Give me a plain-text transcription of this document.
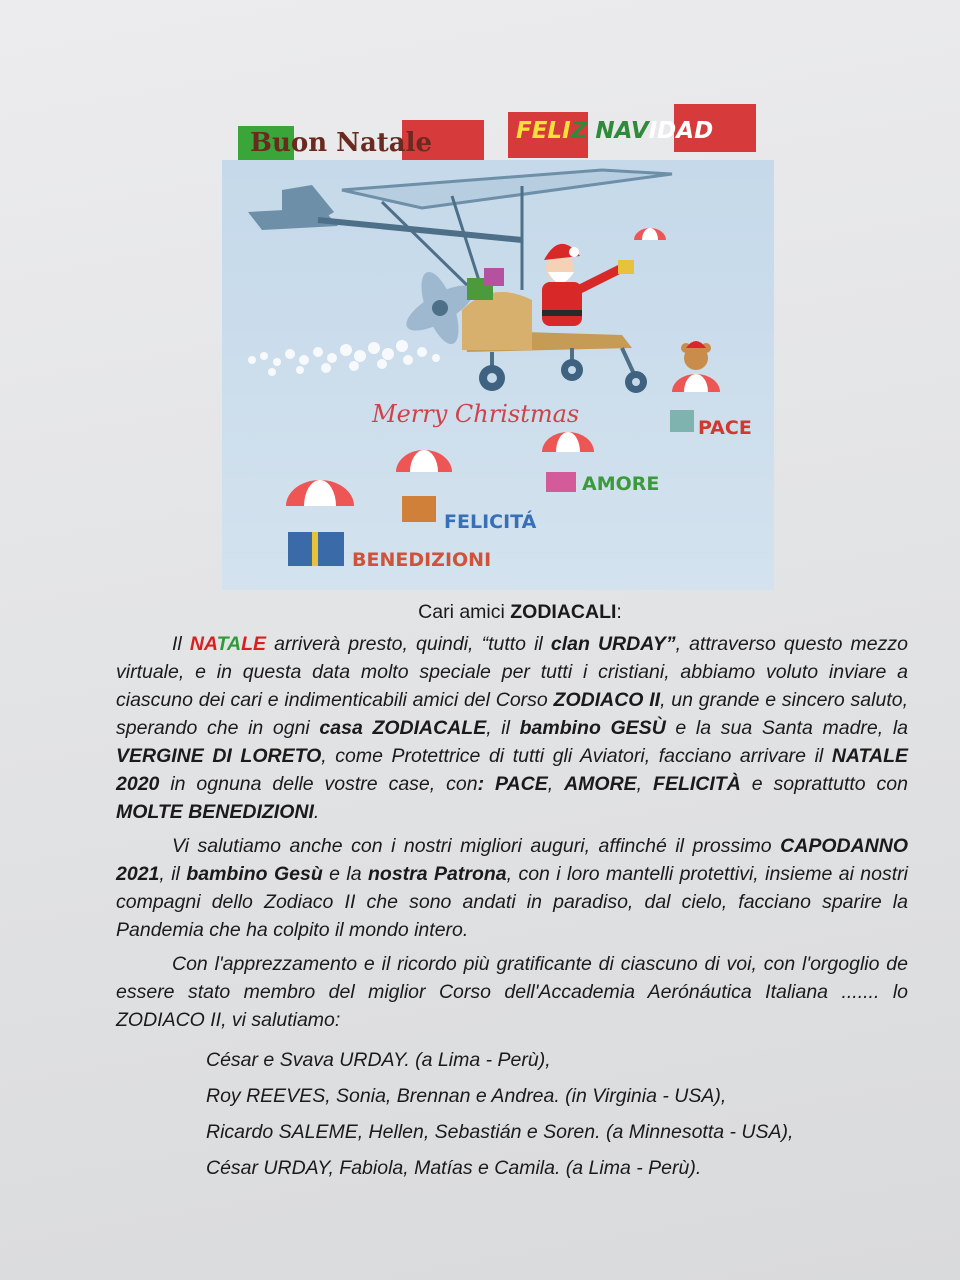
Buon Natale	FELIZ NAVIDAD
Merry Christmas	PACE
AMORE
FELICITÁ
BENEDIZIONI

Cari amici ZODIACALI:

Il NATALE arriverà presto, quindi, “tutto il clan URDAY”, attraverso questo mezzo virtuale, e in questa data molto speciale per tutti i cristiani, abbiamo voluto inviare a ciascuno dei cari e indimenticabili amici del Corso ZODIACO II, un grande e sincero saluto, sperando che in ogni casa ZODIACALE, il bambino GESÙ e la sua Santa madre, la VERGINE DI LORETO, come Protettrice di tutti gli Aviatori, facciano arrivare il NATALE 2020 in ognuna delle vostre case, con: PACE, AMORE, FELICITÀ e soprattutto con MOLTE BENEDIZIONI.

Vi salutiamo anche con i nostri migliori auguri, affinché il prossimo CAPODANNO 2021, il bambino Gesù e la nostra Patrona, con i loro mantelli protettivi, insieme ai nostri compagni dello Zodiaco II che sono andati in paradiso, dal cielo, facciano sparire la Pandemia che ha colpito il mondo intero.

Con l'apprezzamento e il ricordo più gratificante di ciascuno di voi, con l'orgoglio de essere stato membro del miglior Corso dell'Accademia Aerónáutica Italiana ....... lo ZODIACO II, vi salutiamo:

César e Svava URDAY. (a Lima - Perù),
Roy REEVES, Sonia, Brennan e Andrea. (in Virginia - USA),
Ricardo SALEME, Hellen, Sebastián e Soren. (a Minnesotta - USA),
César URDAY, Fabiola, Matías e Camila. (a Lima - Perù).
